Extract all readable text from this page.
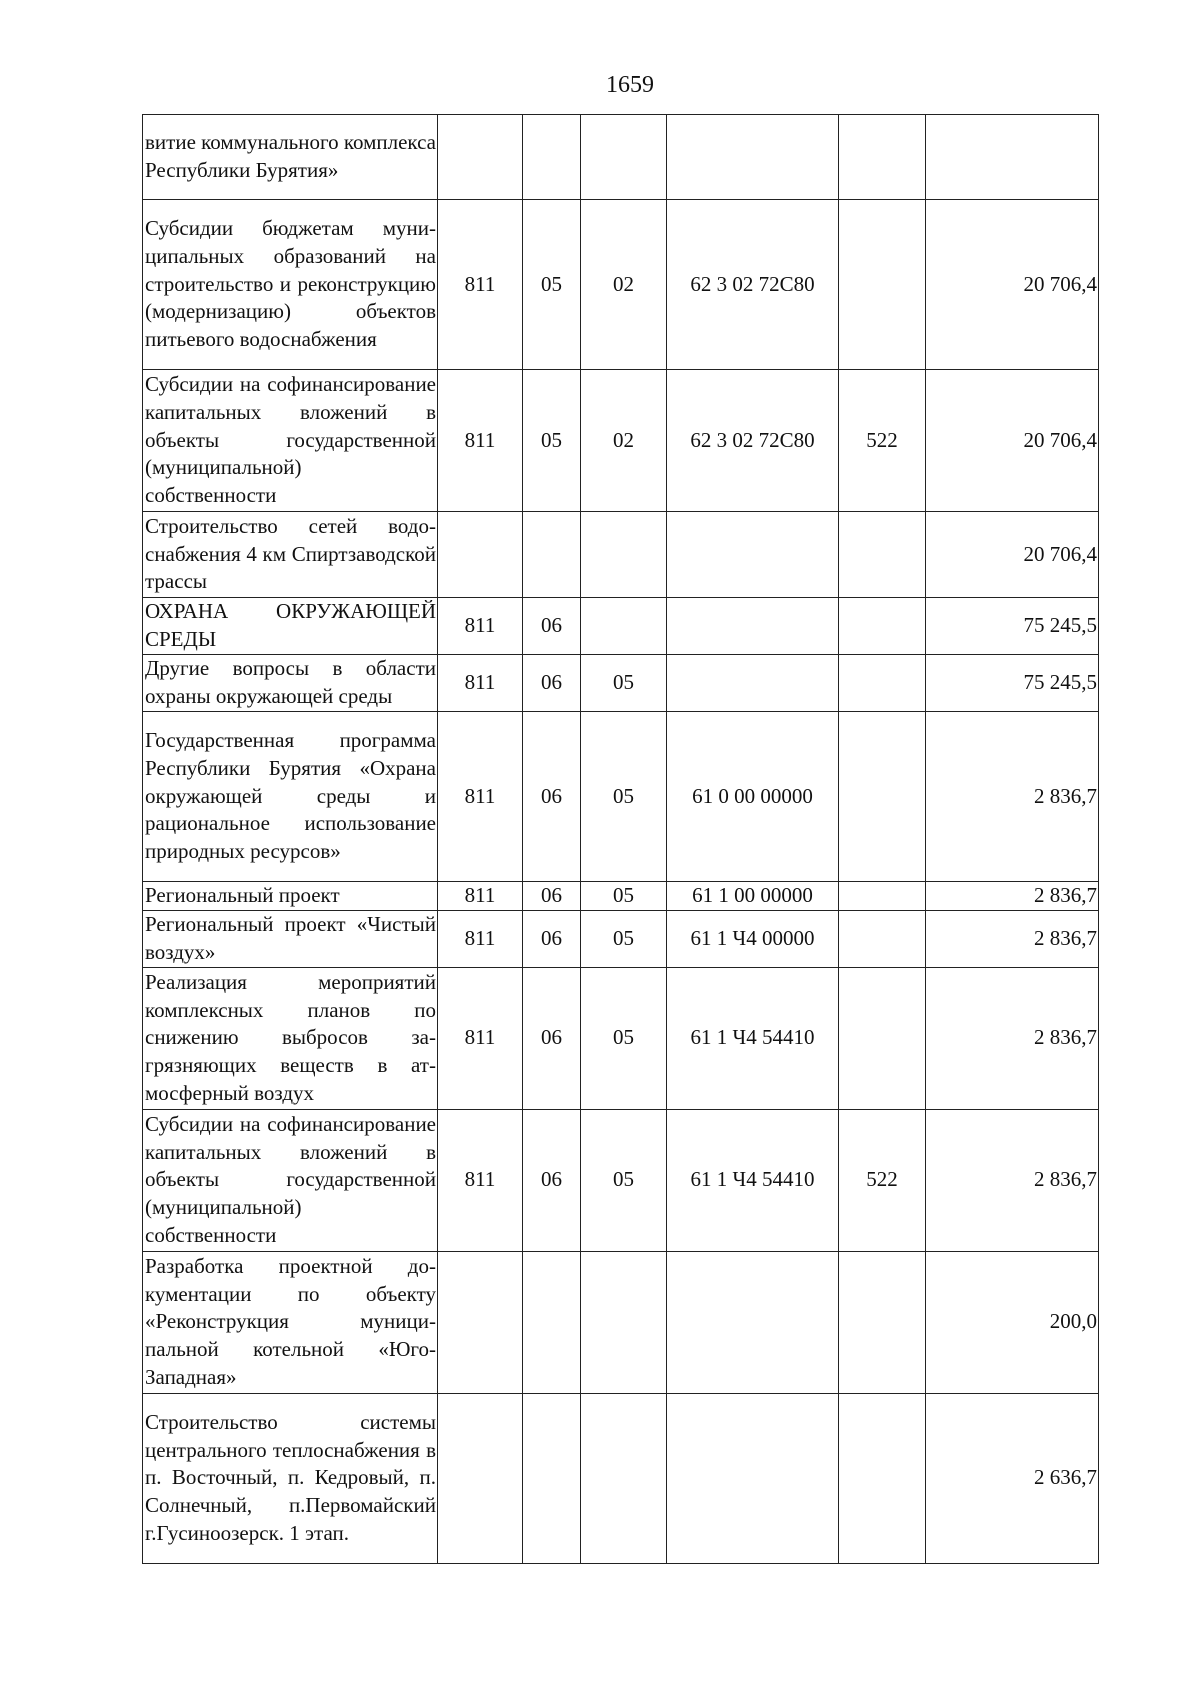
1659
витие коммунального комплекса Республики Бурятия»						
Субсидии бюджетам муниципальных образований на строительство и реконструкцию (модернизацию) объектов питьевого водоснабжения	811	05	02	62 3 02 72С80		20 706,4
Субсидии на софинансирование капитальных вложений в объекты государственной (муниципальной) собственности	811	05	02	62 3 02 72С80	522	20 706,4
Строительство сетей водоснабжения 4 км Спиртзаводской трассы						20 706,4
ОХРАНА ОКРУЖАЮЩЕЙ СРЕДЫ	811	06				75 245,5
Другие вопросы в области охраны окружающей среды	811	06	05			75 245,5
Государственная программа Республики Бурятия «Охрана окружающей среды и рациональное использование природных ресурсов»	811	06	05	61 0 00 00000		2 836,7
Региональный проект	811	06	05	61 1 00 00000		2 836,7
Региональный проект «Чистый воздух»	811	06	05	61 1 Ч4 00000		2 836,7
Реализация мероприятий комплексных планов по снижению выбросов загрязняющих веществ в атмосферный воздух	811	06	05	61 1 Ч4 54410		2 836,7
Субсидии на софинансирование капитальных вложений в объекты государственной (муниципальной) собственности	811	06	05	61 1 Ч4 54410	522	2 836,7
Разработка проектной документации по объекту «Реконструкция муниципальной котельной «Юго-Западная»						200,0
Строительство системы центрального теплоснабжения в п. Восточный, п. Кедровый, п. Солнечный, п.Первомайский г.Гусиноозерск. 1 этап.						2 636,7
